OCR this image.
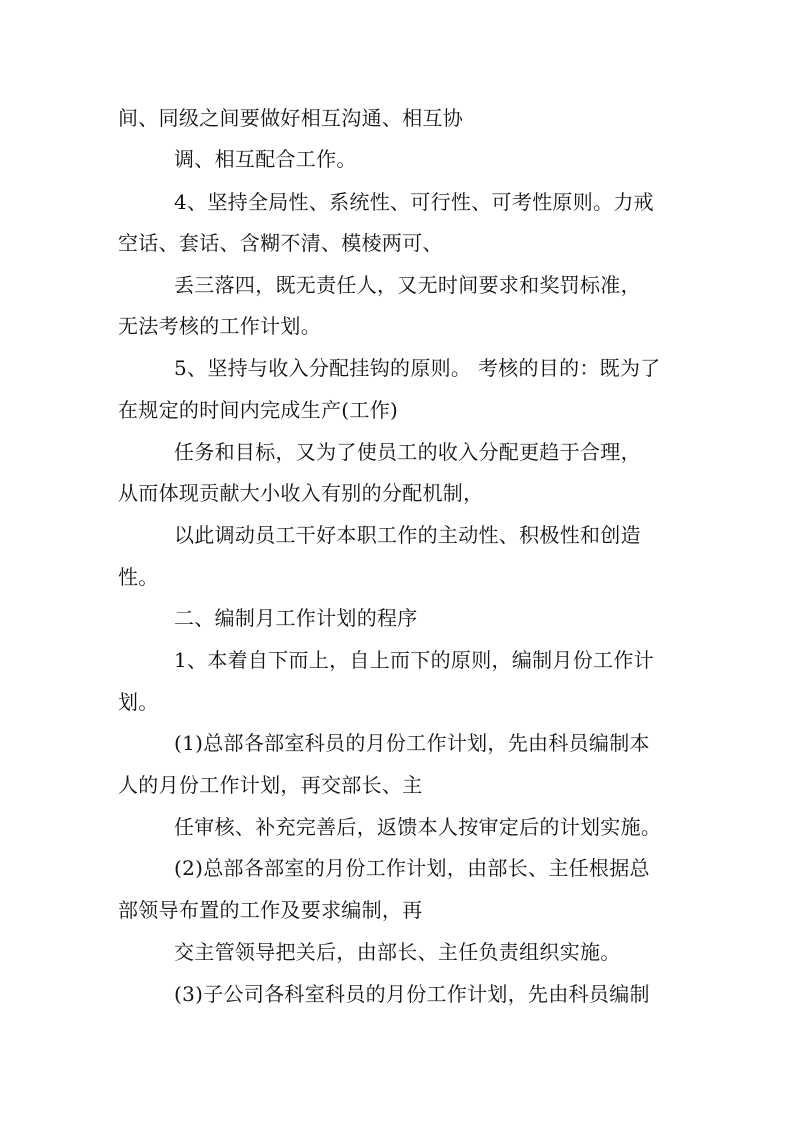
间、同级之间要做好相互沟通、相互协
调、相互配合工作。
4、坚持全局性、系统性、可行性、可考性原则。力戒
空话、套话、含糊不清、模棱两可、
丢三落四，既无责任人，又无时间要求和奖罚标准，
无法考核的工作计划。
5、坚持与收入分配挂钩的原则。 考核的目的：既为了
在规定的时间内完成生产(工作)
任务和目标，又为了使员工的收入分配更趋于合理，
从而体现贡献大小收入有别的分配机制，
以此调动员工干好本职工作的主动性、积极性和创造
性。
二、编制月工作计划的程序
1、本着自下而上，自上而下的原则，编制月份工作计
划。
(1)总部各部室科员的月份工作计划，先由科员编制本
人的月份工作计划，再交部长、主
任审核、补充完善后，返馈本人按审定后的计划实施。
(2)总部各部室的月份工作计划，由部长、主任根据总
部领导布置的工作及要求编制，再
交主管领导把关后，由部长、主任负责组织实施。
(3)子公司各科室科员的月份工作计划，先由科员编制
